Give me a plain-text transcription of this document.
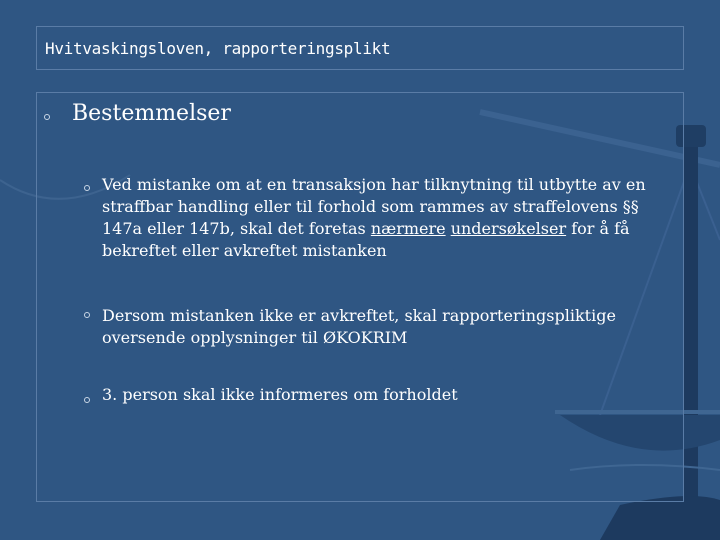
Hvitvaskingsloven, rapporteringsplikt
Bestemmelser
Ved mistanke om at en transaksjon har tilknytning til utbytte av en straffbar handling eller til forhold som rammes av straffelovens §§ 147a eller 147b, skal det foretas nærmere undersøkelser for å få bekreftet eller avkreftet mistanken
Dersom mistanken ikke er avkreftet, skal rapporteringspliktige oversende opplysninger til ØKOKRIM
3. person skal ikke informeres om forholdet
